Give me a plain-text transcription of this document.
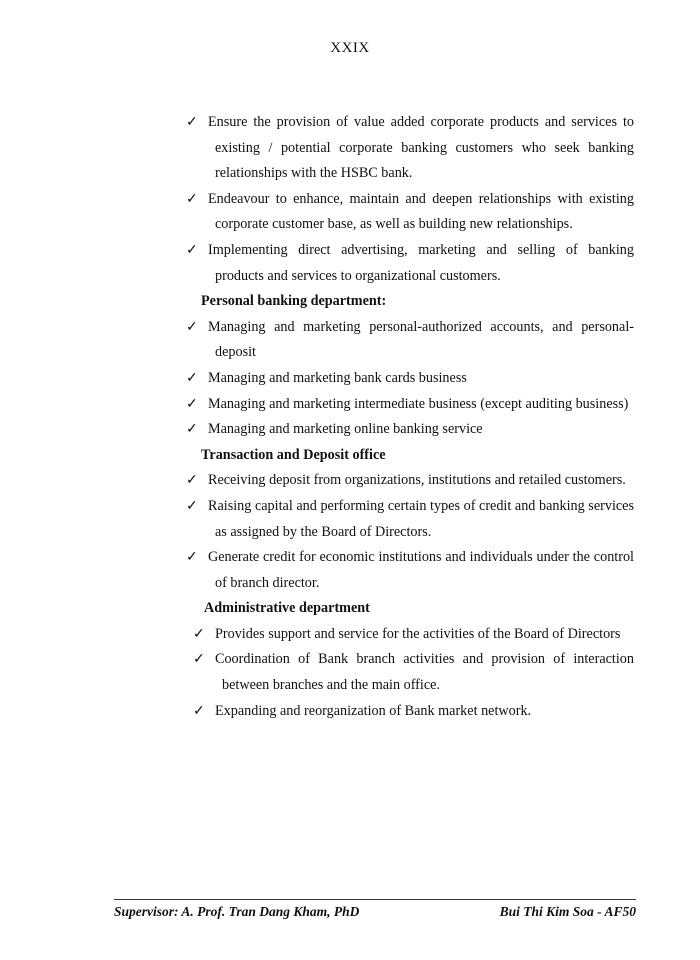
XXIX
✓ Ensure the provision of value added corporate products and services to existing / potential corporate banking customers who seek banking relationships with the HSBC bank.
✓ Endeavour to enhance, maintain and deepen relationships with existing corporate customer base, as well as building new relationships.
✓ Implementing direct advertising, marketing and selling of banking products and services to organizational customers.
Personal banking department:
✓ Managing and marketing personal-authorized accounts, and personal-deposit
✓ Managing and marketing bank cards business
✓ Managing and marketing intermediate business (except auditing business)
✓ Managing and marketing online banking service
Transaction and Deposit office
✓ Receiving deposit from organizations, institutions and retailed customers.
✓ Raising capital and performing certain types of credit and banking services as assigned by the Board of Directors.
✓ Generate credit for economic institutions and individuals under the control of branch director.
Administrative department
✓ Provides support and service for the activities of the Board of Directors
✓ Coordination of Bank branch activities and provision of interaction between branches and the main office.
✓ Expanding and reorganization of Bank market network.
Supervisor: A. Prof. Tran Dang Kham, PhD	Bui Thi Kim Soa - AF50
